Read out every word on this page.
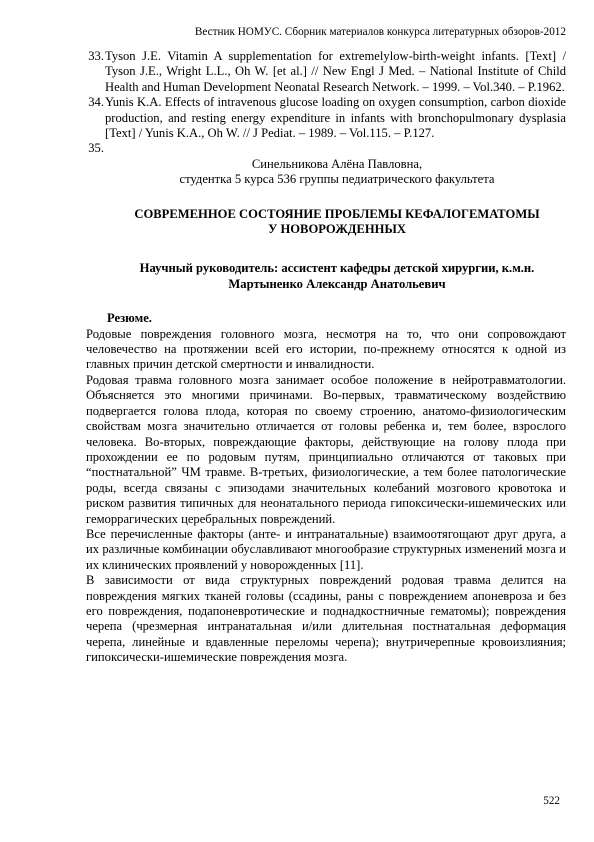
Вестник НОМУС. Сборник материалов конкурса литературных обзоров-2012
33. Tyson J.E. Vitamin A supplementation for extremelylow-birth-weight infants. [Text] / Tyson J.E., Wright L.L., Oh W. [et al.] // New Engl J Med. – National Institute of Child Health and Human Development Neonatal Research Network. – 1999. – Vol.340. – P.1962.
34. Yunis K.A. Effects of intravenous glucose loading on oxygen consumption, carbon dioxide production, and resting energy expenditure in infants with bronchopulmonary dysplasia [Text] / Yunis K.A., Oh W. // J Pediat. – 1989. – Vol.115. – P.127.
35.
Синельникова Алёна Павловна,
студентка 5 курса 536 группы педиатрического факультета
СОВРЕМЕННОЕ СОСТОЯНИЕ ПРОБЛЕМЫ КЕФАЛОГЕМАТОМЫ
У НОВОРОЖДЕННЫХ
Научный руководитель: ассистент кафедры детской хирургии, к.м.н.
Мартыненко Александр Анатольевич
Резюме.

Родовые повреждения головного мозга, несмотря на то, что они сопровождают человечество на протяжении всей его истории, по-прежнему относятся к одной из главных причин детской смертности и инвалидности.

Родовая травма головного мозга занимает особое положение в нейротравматологии. Объясняется это многими причинами. Во-первых, травматическому воздействию подвергается голова плода, которая по своему строению, анатомо-физиологическим свойствам мозга значительно отличается от головы ребенка и, тем более, взрослого человека. Во-вторых, повреждающие факторы, действующие на голову плода при прохождении ее по родовым путям, принципиально отличаются от таковых при “постнатальной” ЧМ травме. В-третьих, физиологические, а тем более патологические роды, всегда связаны с эпизодами значительных колебаний мозгового кровотока и риском развития типичных для неонатального периода гипоксически-ишемических или геморрагических церебральных повреждений.

Все перечисленные факторы (анте- и интранатальные) взаимоотягощают друг друга, а их различные комбинации обуславливают многообразие структурных изменений мозга и их клинических проявлений у новорожденных [11].

В зависимости от вида структурных повреждений родовая травма делится на повреждения мягких тканей головы (ссадины, раны с повреждением апоневроза и без его повреждения, подапоневротические и поднадкостничные гематомы); повреждения черепа (чрезмерная интранатальная и/или длительная постнатальная деформация черепа, линейные и вдавленные переломы черепа); внутричерепные кровоизлияния; гипоксически-ишемические повреждения мозга.

522
